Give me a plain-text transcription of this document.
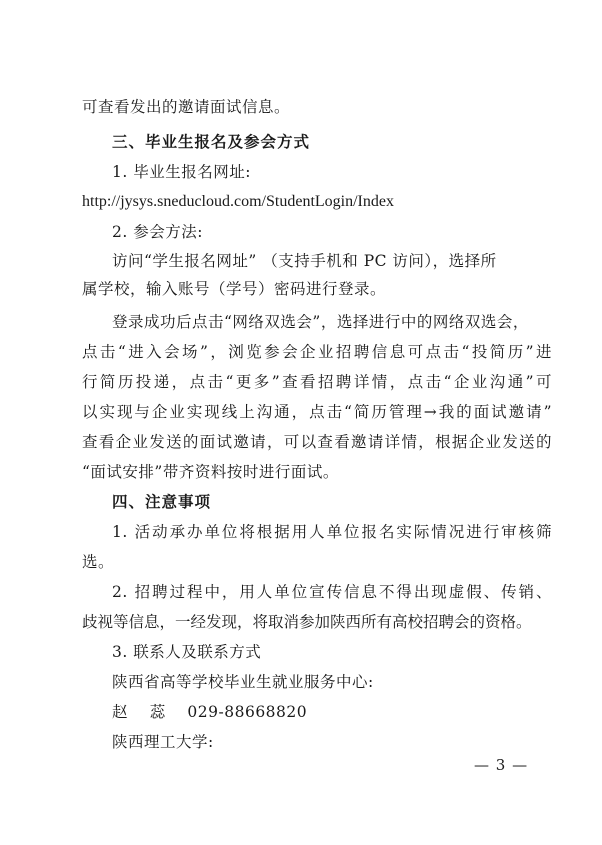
可查看发出的邀请面试信息。
三、毕业生报名及参会方式
1. 毕业生报名网址:
http://jysys.sneducloud.com/StudentLogin/Index
2. 参会方法:
访问“学生报名网址” （支持手机和 PC 访问），选择所
属学校，输入账号（学号）密码进行登录。
登录成功后点击“网络双选会”，选择进行中的网络双选会，
点击“进入会场”，浏览参会企业招聘信息可点击“投简历”进
行简历投递，点击“更多”查看招聘详情，点击“企业沟通”可
以实现与企业实现线上沟通，点击“简历管理→我的面试邀请”
查看企业发送的面试邀请，可以查看邀请详情，根据企业发送的
“面试安排”带齐资料按时进行面试。
四、注意事项
1. 活动承办单位将根据用人单位报名实际情况进行审核筛
选。
2. 招聘过程中，用人单位宣传信息不得出现虚假、传销、
歧视等信息，一经发现，将取消参加陕西所有高校招聘会的资格。
3. 联系人及联系方式
陕西省高等学校毕业生就业服务中心:
赵    蕊    029-88668820
陕西理工大学:
— 3 —
